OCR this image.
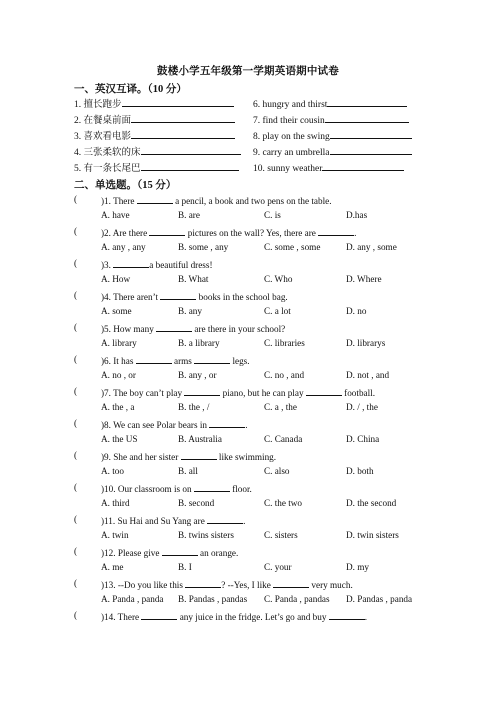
鼓楼小学五年级第一学期英语期中试卷
一、英汉互译。（10 分）
1. 擅长跑步	6. hungry and thirst
2. 在餐桌前面	7. find their cousin
3. 喜欢看电影	8. play on the swing
4. 三张柔软的床	9. carry an umbrella
5. 有一条长尾巴	10. sunny weather
二、单选题。（15 分）
(	)1. There	a pencil, a book and two pens on the table.
A. have	B. are	C. is	D.has
(	)2. Are there	pictures on the wall? Yes, there are	.
A. any , any	B. some , any	C. some , some	D. any , some
(	)3.	a beautiful dress!
A. How	B. What	C. Who	D. Where
(	)4. There aren’t	books in the school bag.
A. some	B. any	C. a lot	D. no
(	)5. How many	are there in your school?
A. library	B. a library	C. libraries	D. librarys
(	)6. It has	arms	legs.
A. no , or	B. any , or	C. no , and	D. not , and
(	)7. The boy can’t play	piano, but he can play	football.
A. the , a	B. the , /	C. a , the	D. / , the
(	)8. We can see Polar bears in	.
A. the US	B. Australia	C. Canada	D. China
(	)9. She and her sister	like swimming.
A. too	B. all	C. also	D. both
(	)10. Our classroom is on	floor.
A. third	B. second	C. the two	D. the second
(	)11. Su Hai and Su Yang are	.
A. twin	B. twins sisters	C. sisters	D. twin sisters
(	)12. Please give	an orange.
A. me	B. I	C. your	D. my
(	)13. --Do you like this	? --Yes, I like	very much.
A. Panda , panda B. Pandas , pandas C. Panda , pandas D. Pandas , panda
(	)14. There	any juice in the fridge. Let’s go and buy	.
